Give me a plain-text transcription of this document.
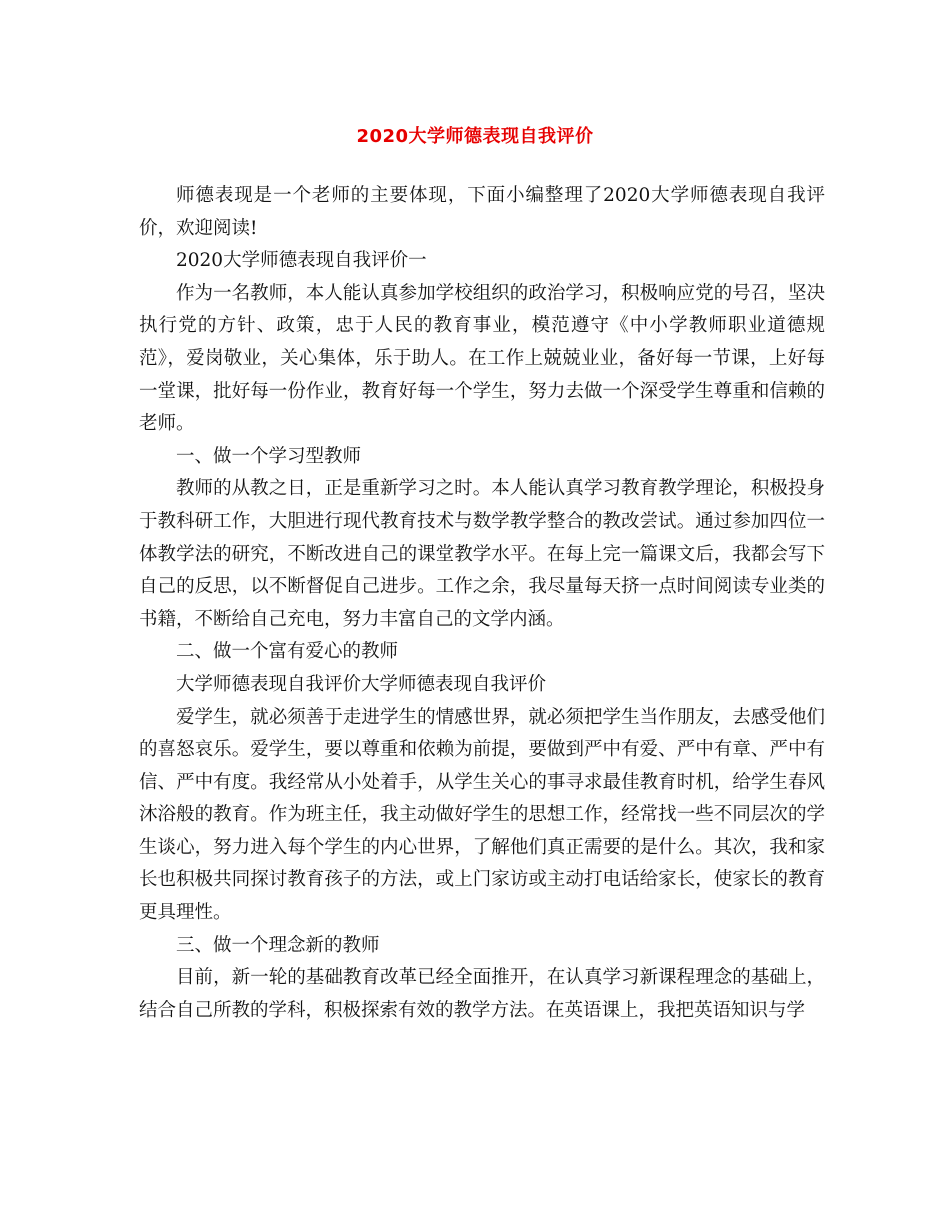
2020大学师德表现自我评价

师德表现是一个老师的主要体现，下面小编整理了2020大学师德表现自我评价，欢迎阅读!

2020大学师德表现自我评价一

作为一名教师，本人能认真参加学校组织的政治学习，积极响应党的号召，坚决执行党的方针、政策，忠于人民的教育事业，模范遵守《中小学教师职业道德规范》，爱岗敬业，关心集体，乐于助人。在工作上兢兢业业，备好每一节课，上好每一堂课，批好每一份作业，教育好每一个学生，努力去做一个深受学生尊重和信赖的老师。

一、做一个学习型教师

教师的从教之日，正是重新学习之时。本人能认真学习教育教学理论，积极投身于教科研工作，大胆进行现代教育技术与数学教学整合的教改尝试。通过参加四位一体教学法的研究，不断改进自己的课堂教学水平。在每上完一篇课文后，我都会写下自己的反思，以不断督促自己进步。工作之余，我尽量每天挤一点时间阅读专业类的书籍，不断给自己充电，努力丰富自己的文学内涵。

二、做一个富有爱心的教师

大学师德表现自我评价大学师德表现自我评价

爱学生，就必须善于走进学生的情感世界，就必须把学生当作朋友，去感受他们的喜怒哀乐。爱学生，要以尊重和依赖为前提，要做到严中有爱、严中有章、严中有信、严中有度。我经常从小处着手，从学生关心的事寻求最佳教育时机，给学生春风沐浴般的教育。作为班主任，我主动做好学生的思想工作，经常找一些不同层次的学生谈心，努力进入每个学生的内心世界，了解他们真正需要的是什么。其次，我和家长也积极共同探讨教育孩子的方法，或上门家访或主动打电话给家长，使家长的教育更具理性。

三、做一个理念新的教师

目前，新一轮的基础教育改革已经全面推开，在认真学习新课程理念的基础上，结合自己所教的学科，积极探索有效的教学方法。在英语课上，我把英语知识与学
